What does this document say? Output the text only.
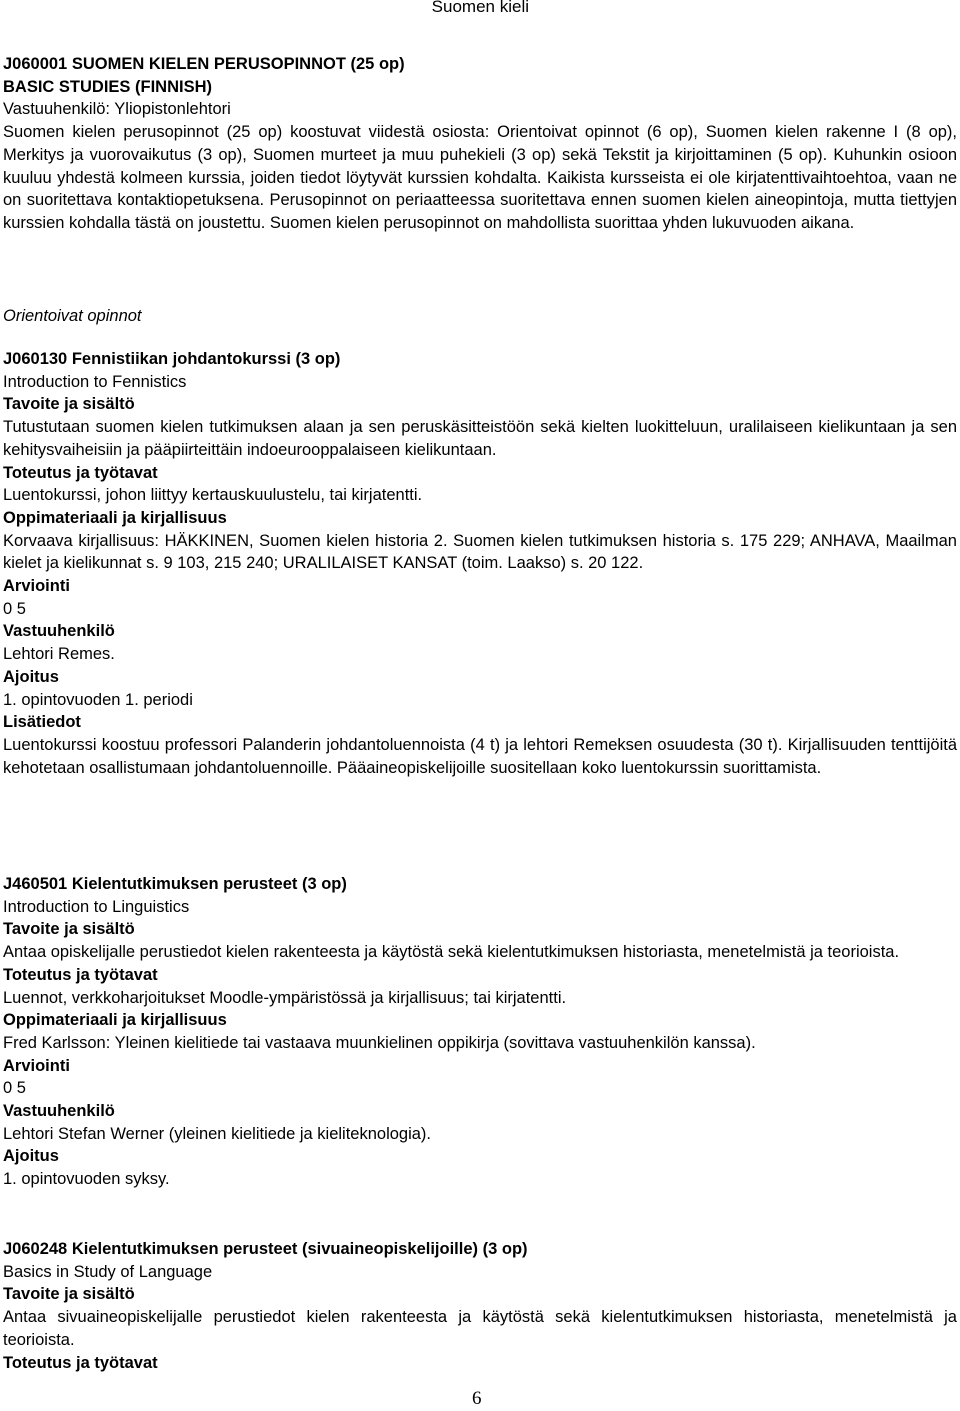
Suomen kieli

J060001 SUOMEN KIELEN PERUSOPINNOT (25 op)

BASIC STUDIES (FINNISH)

Vastuuhenkilö: Yliopistonlehtori

Suomen kielen perusopinnot (25 op) koostuvat viidestä osiosta: Orientoivat opinnot (6 op), Suomen kielen rakenne I (8 op), Merkitys ja vuorovaikutus (3 op), Suomen murteet ja muu puhekieli (3 op) sekä Tekstit ja kirjoittaminen (5 op). Kuhunkin osioon kuuluu yhdestä kolmeen kurssia, joiden tiedot löytyvät kurssien kohdalta. Kaikista kursseista ei ole kirjatenttivaihtoehtoa, vaan ne on suoritettava kontaktiopetuksena. Perusopinnot on periaatteessa suoritettava ennen suomen kielen aineopintoja, mutta tiettyjen kurssien kohdalla tästä on joustettu. Suomen kielen perusopinnot on mahdollista suorittaa yhden lukuvuoden aikana.

Orientoivat opinnot

J060130 Fennistiikan johdantokurssi (3 op)

Introduction to Fennistics

Tavoite ja sisältö

Tutustutaan suomen kielen tutkimuksen alaan ja sen peruskäsitteistöön sekä kielten luokitteluun, uralilaiseen kielikuntaan ja sen kehitysvaiheisiin ja pääpiirteittäin indoeurooppalaiseen kielikuntaan.

Toteutus ja työtavat

Luentokurssi, johon liittyy kertauskuulustelu, tai kirjatentti.

Oppimateriaali ja kirjallisuus

Korvaava kirjallisuus: HÄKKINEN, Suomen kielen historia 2. Suomen kielen tutkimuksen historia s. 175 229; ANHAVA, Maailman kielet ja kielikunnat s. 9 103, 215 240; URALILAISET KANSAT (toim. Laakso) s. 20 122.

Arviointi

0 5

Vastuuhenkilö

Lehtori Remes.

Ajoitus

1. opintovuoden 1. periodi

Lisätiedot

Luentokurssi koostuu professori Palanderin johdantoluennoista (4 t) ja lehtori Remeksen osuudesta (30 t). Kirjallisuuden tenttijöitä kehotetaan osallistumaan johdantoluennoille. Pääaineopiskelijoille suositellaan koko luentokurssin suorittamista.

J460501 Kielentutkimuksen perusteet (3 op)

Introduction to Linguistics

Tavoite ja sisältö

Antaa opiskelijalle perustiedot kielen rakenteesta ja käytöstä sekä kielentutkimuksen historiasta, menetelmistä ja teorioista.

Toteutus ja työtavat

Luennot, verkkoharjoitukset Moodle-ympäristössä ja kirjallisuus; tai kirjatentti.

Oppimateriaali ja kirjallisuus

Fred Karlsson: Yleinen kielitiede tai vastaava muunkielinen oppikirja (sovittava vastuuhenkilön kanssa).

Arviointi

0 5

Vastuuhenkilö

Lehtori Stefan Werner (yleinen kielitiede ja kieliteknologia).

Ajoitus

1. opintovuoden syksy.

J060248 Kielentutkimuksen perusteet (sivuaineopiskelijoille) (3 op)

Basics in Study of Language

Tavoite ja sisältö

Antaa sivuaineopiskelijalle perustiedot kielen rakenteesta ja käytöstä sekä kielentutkimuksen historiasta, menetelmistä ja teorioista.

Toteutus ja työtavat

6
